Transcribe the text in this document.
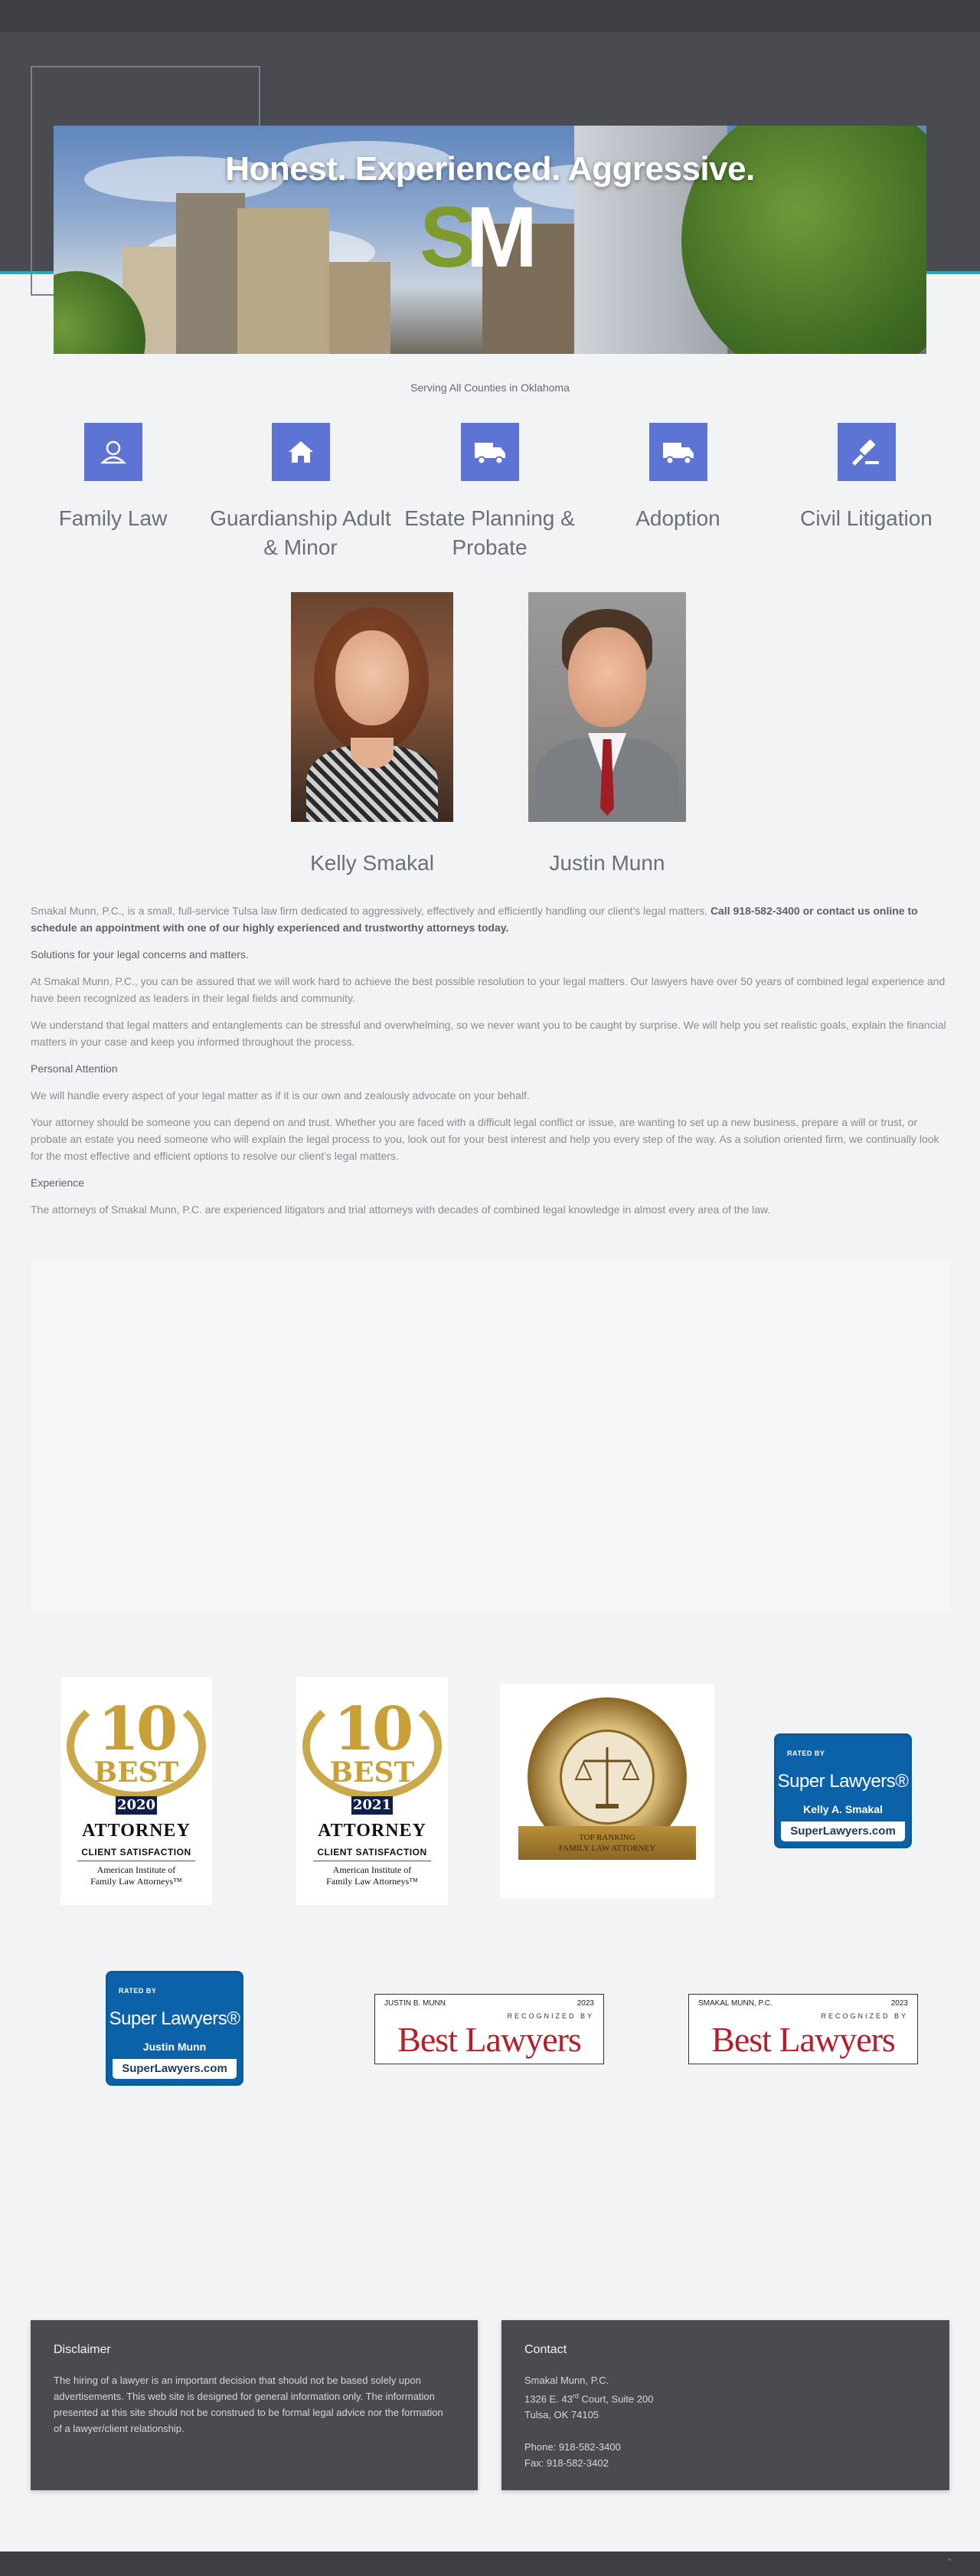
Honest. Experienced. Aggressive.
SM
Serving All Counties in Oklahoma
Family Law	Guardianship Adult & Minor
Estate Planning & Probate
Adoption	Civil Litigation
Kelly Smakal	Justin Munn

Smakal Munn, P.C., is a small, full-service Tulsa law firm dedicated to aggressively, effectively and efficiently handling our client's legal matters. Call 918-582-3400 or contact us online to schedule an appointment with one of our highly experienced and trustworthy attorneys today.

Solutions for your legal concerns and matters.

At Smakal Munn, P.C., you can be assured that we will work hard to achieve the best possible resolution to your legal matters. Our lawyers have over 50 years of combined legal experience and have been recognized as leaders in their legal fields and community.

We understand that legal matters and entanglements can be stressful and overwhelming, so we never want you to be caught by surprise. We will help you set realistic goals, explain the financial matters in your case and keep you informed throughout the process.

Personal Attention

We will handle every aspect of your legal matter as if it is our own and zealously advocate on your behalf.

Your attorney should be someone you can depend on and trust. Whether you are faced with a difficult legal conflict or issue, are wanting to set up a new business, prepare a will or trust, or probate an estate you need someone who will explain the legal process to you, look out for your best interest and help you every step of the way. As a solution oriented firm, we continually look for the most effective and efficient options to resolve our client's legal matters.

Experience

The attorneys of Smakal Munn, P.C. are experienced litigators and trial attorneys with decades of combined legal knowledge in almost every area of the law.

10
BEST
2020
ATTORNEY
CLIENT SATISFACTION
American Institute of
Family Law Attorneys™
10
BEST
2021
ATTORNEY
CLIENT SATISFACTION
American Institute of
Family Law Attorneys™
TOP RANKING
FAMILY LAW ATTORNEY
RATED BY
Super Lawyers®
Kelly A. Smakal
SuperLawyers.com
RATED BY
Super Lawyers®
Justin Munn
SuperLawyers.com
JUSTIN B. MUNN	2023
RECOGNIZED BY
Best Lawyers
SMAKAL MUNN, P.C.	2023
RECOGNIZED BY
Best Lawyers
Disclaimer

The hiring of a lawyer is an important decision that should not be based solely upon advertisements. This web site is designed for general information only. The information presented at this site should not be construed to be formal legal advice nor the formation of a lawyer/client relationship.

Contact

Smakal Munn, P.C.

1326 E. 43rd Court, Suite 200

Tulsa, OK 74105

Phone: 918-582-3400

Fax: 918-582-3402

⌃
